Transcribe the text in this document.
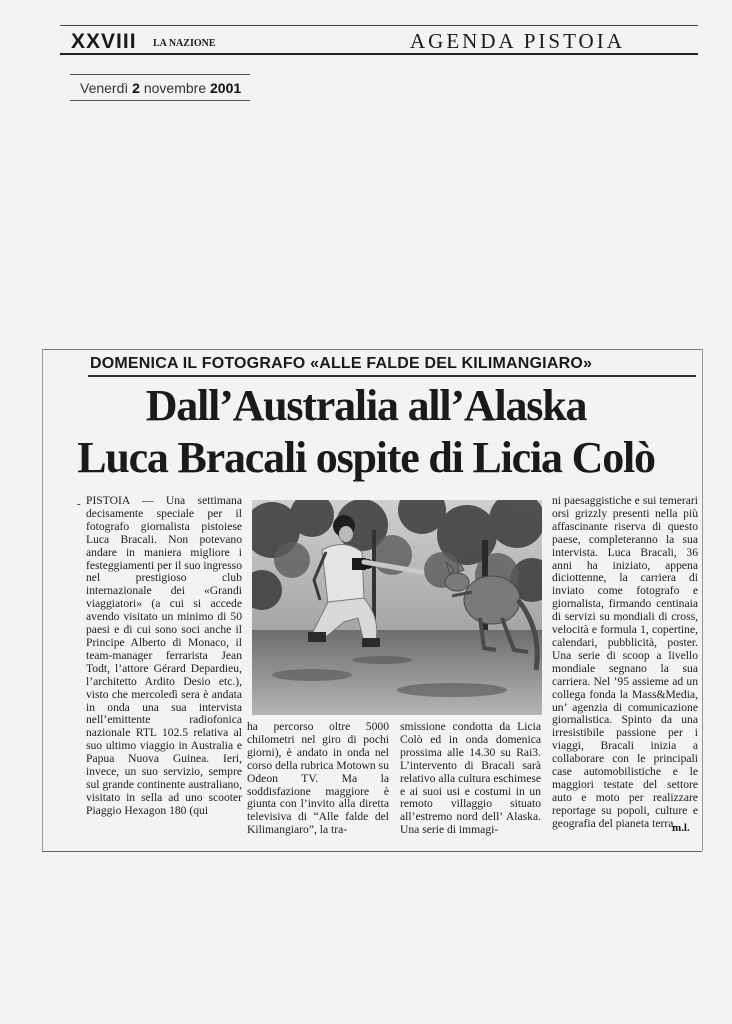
XXVIII LA NAZIONE	AGENDA PISTOIA
Venerdì 2 novembre 2001
DOMENICA IL FOTOGRAFO «ALLE FALDE DEL KILIMANGIARO»
Dall’Australia all’Alaska
Luca Bracali ospite di Licia Colò
- PISTOIA — Una settimana decisamente speciale per il fotografo giornalista pistoiese Luca Bracali. Non potevano andare in maniera migliore i festeggiamenti per il suo ingresso nel prestigioso club internazionale dei «Grandi viaggiatori» (a cui si accede avendo visitato un minimo di 50 paesi e di cui sono soci anche il Principe Alberto di Monaco, il team-manager ferrarista Jean Todt, l’attore Gérard Depardieu, l’architetto Ardito Desio etc.), visto che mercoledì sera è andata in onda una sua intervista nell’emittente radiofonica nazionale RTL 102.5 relativa al suo ultimo viaggio in Australia e Papua Nuova Guinea. Ieri, invece, un suo servizio, sempre sul grande continente australiano, visitato in sella ad uno scooter Piaggio Hexagon 180 (qui

ha percorso oltre 5000 chilometri nel giro di pochi giorni), è andato in onda nel corso della rubrica Motown su Odeon TV. Ma la soddisfazione maggiore è giunta con l’invito alla diretta televisiva di “Alle falde del Kilimangiaro”, la tra-

smissione condotta da Licia Colò ed in onda domenica prossima alle 14.30 su Rai3. L’intervento di Bracali sarà relativo alla cultura eschimese e ai suoi usi e costumi in un remoto villaggio situato all’estremo nord dell’ Alaska. Una serie di immagi-

ni paesaggistiche e sui temerari orsi grizzly presenti nella più affascinante riserva di questo paese, completeranno la sua intervista. Luca Bracali, 36 anni ha iniziato, appena diciottenne, la carriera di inviato come fotografo e giornalista, firmando centinaia di servizi su mondiali di cross, velocità e formula 1, copertine, calendari, pubblicità, poster. Una serie di scoop a livello mondiale segnano la sua carriera. Nel ’95 assieme ad un collega fonda la Mass&Media, un’ agenzia di comunicazione giornalistica. Spinto da una irresistibile passione per i viaggi, Bracali inizia a collaborare con le principali case automobilistiche e le maggiori testate del settore auto e moto per realizzare reportage su popoli, culture e geografia del pianeta terra.

m.l.
